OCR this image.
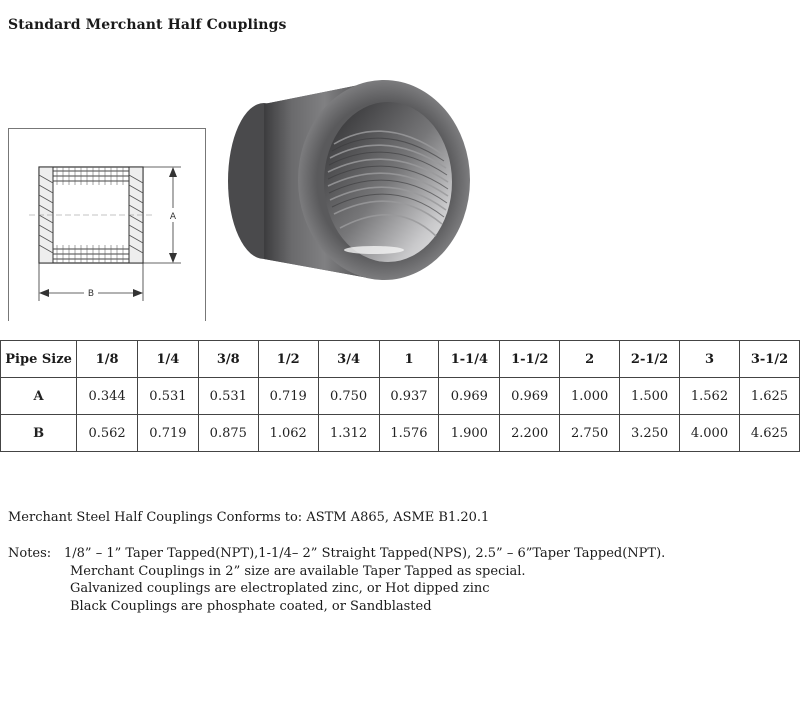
Standard Merchant Half Couplings
A
B
Pipe Size	1/8	1/4	3/8	1/2	3/4	1	1-1/4	1-1/2	2	2-1/2	3	3-1/2
A	0.344	0.531	0.531	0.719	0.750	0.937	0.969	0.969	1.000	1.500	1.562	1.625
B	0.562	0.719	0.875	1.062	1.312	1.576	1.900	2.200	2.750	3.250	4.000	4.625
Merchant Steel Half Couplings Conforms to: ASTM A865, ASME B1.20.1
Notes: 1/8” – 1” Taper Tapped(NPT),1-1/4– 2” Straight Tapped(NPS), 2.5” – 6”Taper Tapped(NPT).
Merchant Couplings in 2” size are available Taper Tapped as special.
Galvanized couplings are electroplated zinc, or Hot dipped zinc
Black Couplings are phosphate coated, or Sandblasted
